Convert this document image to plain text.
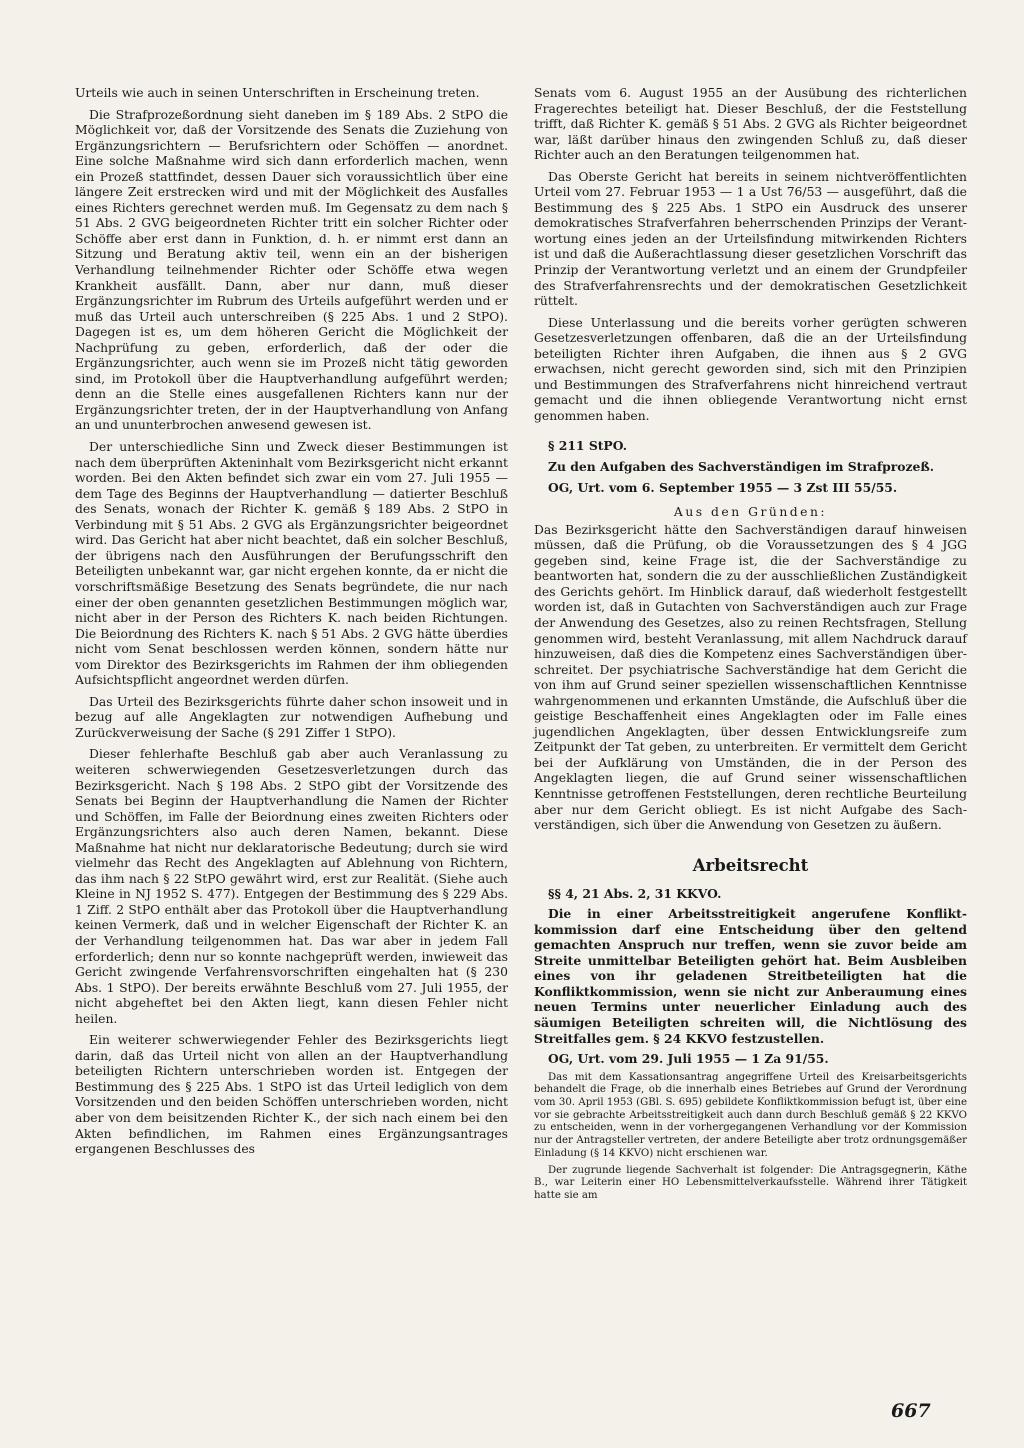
Urteils wie auch in seinen Unterschriften in Erscheinung treten.

Die Strafprozeßordnung sieht daneben im § 189 Abs. 2 StPO die Möglichkeit vor, daß der Vorsitzende des Senats die Zuziehung von Ergänzungsrichtern — Berufsrichtern oder Schöffen — anordnet. Eine solche Maßnahme wird sich dann erforderlich machen, wenn ein Prozeß stattfindet, dessen Dauer sich voraussichtlich über eine längere Zeit erstrecken wird und mit der Möglichkeit des Ausfalles eines Richters gerechnet werden muß. Im Gegensatz zu dem nach § 51 Abs. 2 GVG beigeordneten Richter tritt ein solcher Richter oder Schöffe aber erst dann in Funktion, d. h. er nimmt erst dann an Sitzung und Beratung aktiv teil, wenn ein an der bisherigen Verhandlung teilnehmender Richter oder Schöffe etwa wegen Krankheit ausfällt. Dann, aber nur dann, muß dieser Ergänzungsrichter im Rubrum des Urteils aufgeführt werden und er muß das Urteil auch unterschreiben (§ 225 Abs. 1 und 2 StPO). Dagegen ist es, um dem höheren Gericht die Möglichkeit der Nachprüfung zu geben, erforderlich, daß der oder die Ergänzungsrichter, auch wenn sie im Prozeß nicht tätig geworden sind, im Protokoll über die Hauptverhandlung aufgeführt werden; denn an die Stelle eines ausgefallenen Richters kann nur der Ergänzungsrichter treten, der in der Hauptverhandlung von Anfang an und ununterbrochen anwesend gewesen ist.

Der unterschiedliche Sinn und Zweck dieser Bestimmungen ist nach dem überprüften Akteninhalt vom Bezirksgericht nicht erkannt worden. Bei den Akten befindet sich zwar ein vom 27. Juli 1955 — dem Tage des Beginns der Hauptverhandlung — datierter Beschluß des Senats, wonach der Richter K. gemäß § 189 Abs. 2 StPO in Verbindung mit § 51 Abs. 2 GVG als Ergänzungsrichter beigeordnet wird. Das Gericht hat aber nicht beachtet, daß ein solcher Beschluß, der übrigens nach den Ausführungen der Berufungsschrift den Beteiligten unbekannt war, gar nicht ergehen konnte, da er nicht die vorschriftsmäßige Besetzung des Senats begründete, die nur nach einer der oben genannten gesetzlichen Bestimmungen möglich war, nicht aber in der Person des Richters K. nach beiden Richtungen. Die Beiordnung des Richters K. nach § 51 Abs. 2 GVG hätte überdies nicht vom Senat beschlossen werden können, sondern hätte nur vom Direktor des Bezirksgerichts im Rahmen der ihm obliegenden Aufsichtspflicht angeordnet werden dürfen.

Das Urteil des Bezirksgerichts führte daher schon insoweit und in bezug auf alle Angeklagten zur notwendigen Aufhebung und Zurückverweisung der Sache (§ 291 Ziffer 1 StPO).

Dieser fehlerhafte Beschluß gab aber auch Veranlassung zu weiteren schwerwiegenden Gesetzesverletzungen durch das Bezirksgericht. Nach § 198 Abs. 2 StPO gibt der Vorsitzende des Senats bei Beginn der Hauptverhandlung die Namen der Richter und Schöffen, im Falle der Beiordnung eines zweiten Richters oder Ergänzungsrichters also auch deren Namen, bekannt. Diese Maßnahme hat nicht nur deklaratorische Bedeutung; durch sie wird vielmehr das Recht des Angeklagten auf Ablehnung von Richtern, das ihm nach § 22 StPO gewährt wird, erst zur Realität. (Siehe auch Kleine in NJ 1952 S. 477). Entgegen der Bestimmung des § 229 Abs. 1 Ziff. 2 StPO enthält aber das Protokoll über die Hauptverhandlung keinen Vermerk, daß und in welcher Eigenschaft der Richter K. an der Verhandlung teilgenommen hat. Das war aber in jedem Fall erforderlich; denn nur so konnte nachgeprüft werden, inwieweit das Gericht zwingende Verfahrensvorschriften eingehalten hat (§ 230 Abs. 1 StPO). Der bereits erwähnte Beschluß vom 27. Juli 1955, der nicht abgeheftet bei den Akten liegt, kann diesen Fehler nicht heilen.

Ein weiterer schwerwiegender Fehler des Bezirksgerichts liegt darin, daß das Urteil nicht von allen an der Hauptverhandlung beteiligten Richtern unterschrieben worden ist. Entgegen der Bestimmung des § 225 Abs. 1 StPO ist das Urteil lediglich von dem Vorsitzenden und den beiden Schöffen unterschrieben worden, nicht aber von dem beisitzenden Richter K., der sich nach einem bei den Akten befindlichen, im Rahmen eines Ergänzungsantrages ergangenen Beschlusses des

Senats vom 6. August 1955 an der Ausübung des richterlichen Fragerechtes beteiligt hat. Dieser Beschluß, der die Feststellung trifft, daß Richter K. gemäß § 51 Abs. 2 GVG als Richter beigeordnet war, läßt darüber hinaus den zwingenden Schluß zu, daß dieser Richter auch an den Beratungen teilgenommen hat.

Das Oberste Gericht hat bereits in seinem nichtveröffentlichten Urteil vom 27. Februar 1953 — 1 a Ust 76/53 — ausgeführt, daß die Bestimmung des § 225 Abs. 1 StPO ein Ausdruck des unserer demokratisches Strafverfahren beherrschenden Prinzips der Verantwortung eines jeden an der Urteilsfindung mitwirkenden Richters ist und daß die Außerachtlassung dieser gesetzlichen Vorschrift das Prinzip der Verantwortung verletzt und an einem der Grundpfeiler des Strafverfahrensrechts und der demokratischen Gesetzlichkeit rüttelt.

Diese Unterlassung und die bereits vorher gerügten schweren Gesetzesverletzungen offenbaren, daß die an der Urteilsfindung beteiligten Richter ihren Aufgaben, die ihnen aus § 2 GVG erwachsen, nicht gerecht geworden sind, sich mit den Prinzipien und Bestimmungen des Strafverfahrens nicht hinreichend vertraut gemacht und die ihnen obliegende Verantwortung nicht ernst genommen haben.

§ 211 StPO.
Zu den Aufgaben des Sachverständigen im Strafprozeß.
OG, Urt. vom 6. September 1955 — 3 Zst III 55/55.
Aus den Gründen:

Das Bezirksgericht hätte den Sachverständigen darauf hinweisen müssen, daß die Prüfung, ob die Voraussetzungen des § 4 JGG gegeben sind, keine Frage ist, die der Sachverständige zu beantworten hat, sondern die zu der ausschließlichen Zuständigkeit des Gerichts gehört. Im Hinblick darauf, daß wiederholt festgestellt worden ist, daß in Gutachten von Sachverständigen auch zur Frage der Anwendung des Gesetzes, also zu reinen Rechtsfragen, Stellung genommen wird, besteht Veranlassung, mit allem Nachdruck darauf hinzuweisen, daß dies die Kompetenz eines Sachverständigen überschreitet. Der psychiatrische Sachverständige hat dem Gericht die von ihm auf Grund seiner speziellen wissenschaftlichen Kenntnisse wahrgenommenen und erkannten Umstände, die Aufschluß über die geistige Beschaffenheit eines Angeklagten oder im Falle eines jugendlichen Angeklagten, über dessen Entwicklungsreife zum Zeitpunkt der Tat geben, zu unterbreiten. Er vermittelt dem Gericht bei der Aufklärung von Umständen, die in der Person des Angeklagten liegen, die auf Grund seiner wissenschaftlichen Kenntnisse getroffenen Feststellungen, deren rechtliche Beurteilung aber nur dem Gericht obliegt. Es ist nicht Aufgabe des Sachverständigen, sich über die Anwendung von Gesetzen zu äußern.

Arbeitsrecht
§§ 4, 21 Abs. 2, 31 KKVO.
Die in einer Arbeitsstreitigkeit angerufene Konfliktkommission darf eine Entscheidung über den geltend gemachten Anspruch nur treffen, wenn sie zuvor beide am Streite unmittelbar Beteiligten gehört hat. Beim Ausbleiben eines von ihr geladenen Streitbeteiligten hat die Konfliktkommission, wenn sie nicht zur Anberaumung eines neuen Termins unter neuerlicher Einladung auch des säumigen Beteiligten schreiten will, die Nichtlösung des Streitfalles gem. § 24 KKVO festzustellen.
OG, Urt. vom 29. Juli 1955 — 1 Za 91/55.

Das mit dem Kassationsantrag angegriffene Urteil des Kreisarbeitsgerichts behandelt die Frage, ob die innerhalb eines Betriebes auf Grund der Verordnung vom 30. April 1953 (GBl. S. 695) gebildete Konfliktkommission befugt ist, über eine vor sie gebrachte Arbeitsstreitigkeit auch dann durch Beschluß gemäß § 22 KKVO zu entscheiden, wenn in der vorhergegangenen Verhandlung vor der Kommission nur der Antragsteller vertreten, der andere Beteiligte aber trotz ordnungsgemäßer Einladung (§ 14 KKVO) nicht erschienen war.

Der zugrunde liegende Sachverhalt ist folgender: Die Antragsgegnerin, Käthe B., war Leiterin einer HO Lebensmittelverkaufsstelle. Während ihrer Tätigkeit hatte sie am

667
